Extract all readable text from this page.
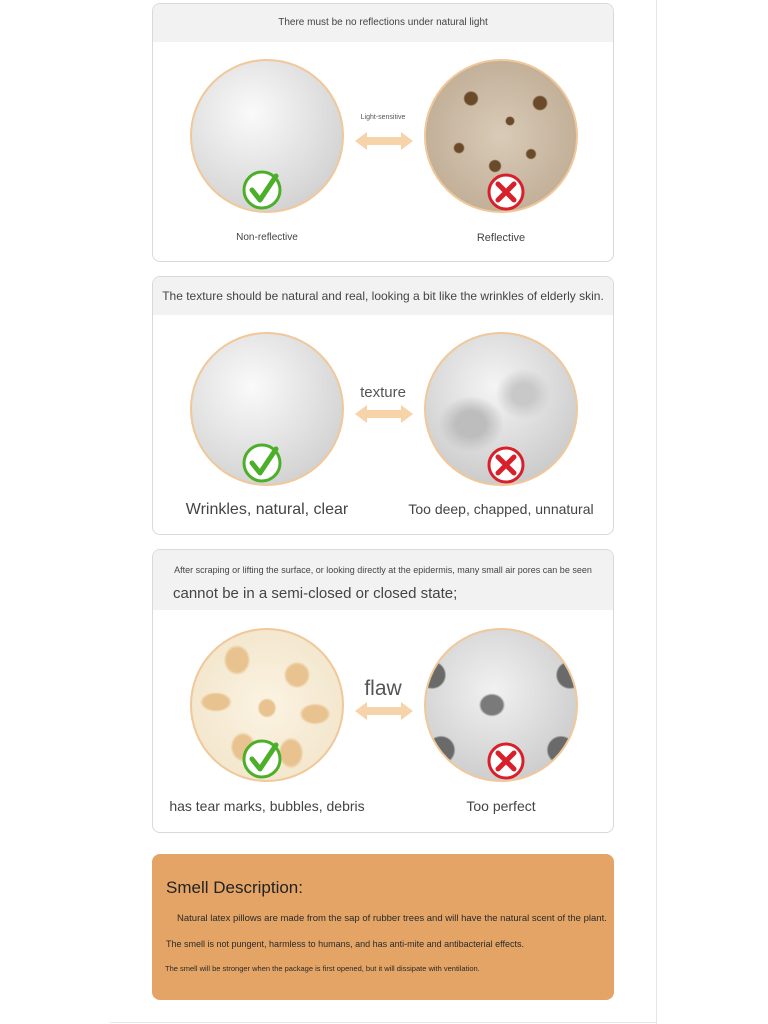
There must be no reflections under natural light
Light-sensitive
Non-reflective	Reflective
The texture should be natural and real, looking a bit like the wrinkles of elderly skin.
texture
Wrinkles, natural, clear	Too deep, chapped, unnatural
After scraping or lifting the surface, or looking directly at the epidermis, many small air pores can be seen
cannot be in a semi-closed or closed state;
flaw
has tear marks, bubbles, debris	Too perfect
Smell Description:
Natural latex pillows are made from the sap of rubber trees and will have the natural scent of the plant.
The smell is not pungent, harmless to humans, and has anti-mite and antibacterial effects.
The smell will be stronger when the package is first opened, but it will dissipate with ventilation.
